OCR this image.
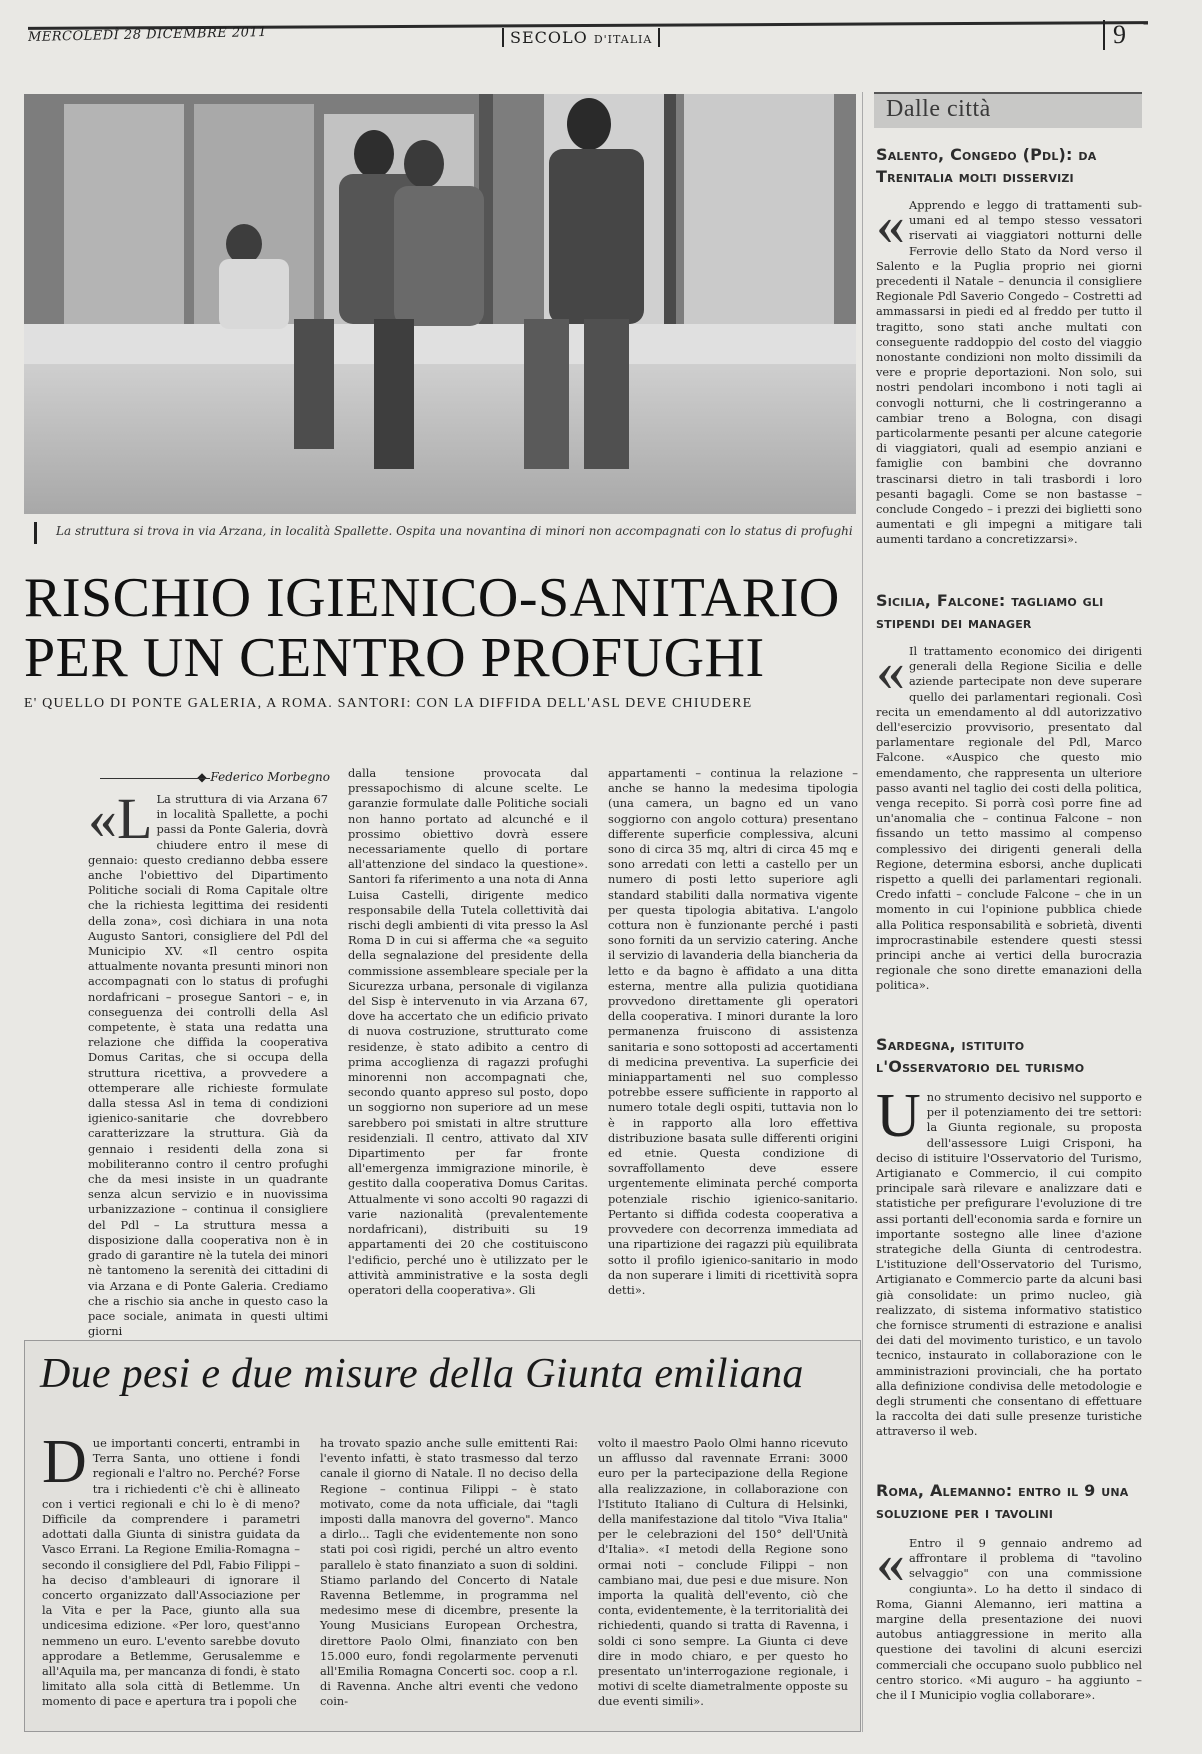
MERCOLEDÌ 28 DICEMBRE 2011	SECOLO D'ITALIA	9
La struttura si trova in via Arzana, in località Spallette. Ospita una novantina di minori non accompagnati con lo status di profughi
RISCHIO IGIENICO-SANITARIO
PER UN CENTRO PROFUGHI
E' QUELLO DI PONTE GALERIA, A ROMA. SANTORI: CON LA DIFFIDA DELL'ASL DEVE CHIUDERE
◆ Federico Morbegno
«L La struttura di via Arzana 67 in località Spallette, a pochi passi da Ponte Galeria, dovrà chiudere entro il mese di gennaio: questo credianno debba essere anche l'obiettivo del Dipartimento Politiche sociali di Roma Capitale oltre che la richiesta legittima dei residenti della zona», così dichiara in una nota Augusto Santori, consigliere del Pdl del Municipio XV. «Il centro ospita attualmente novanta presunti minori non accompagnati con lo status di profughi nordafricani – prosegue Santori – e, in conseguenza dei controlli della Asl competente, è stata una redatta una relazione che diffida la cooperativa Domus Caritas, che si occupa della struttura ricettiva, a provvedere a ottemperare alle richieste formulate dalla stessa Asl in tema di condizioni igienico-sanitarie che dovrebbero caratterizzare la struttura. Già da gennaio i residenti della zona si mobiliteranno contro il centro profughi che da mesi insiste in un quadrante senza alcun servizio e in nuovissima urbanizzazione – continua il consigliere del Pdl – La struttura messa a disposizione dalla cooperativa non è in grado di garantire nè la tutela dei minori nè tantomeno la serenità dei cittadini di via Arzana e di Ponte Galeria. Crediamo che a rischio sia anche in questo caso la pace sociale, animata in questi ultimi giorni
dalla tensione provocata dal pressapochismo di alcune scelte. Le garanzie formulate dalle Politiche sociali non hanno portato ad alcunché e il prossimo obiettivo dovrà essere necessariamente quello di portare all'attenzione del sindaco la questione». Santori fa riferimento a una nota di Anna Luisa Castelli, dirigente medico responsabile della Tutela collettività dai rischi degli ambienti di vita presso la Asl Roma D in cui si afferma che «a seguito della segnalazione del presidente della commissione assembleare speciale per la Sicurezza urbana, personale di vigilanza del Sisp è intervenuto in via Arzana 67, dove ha accertato che un edificio privato di nuova costruzione, strutturato come residenze, è stato adibito a centro di prima accoglienza di ragazzi profughi minorenni non accompagnati che, secondo quanto appreso sul posto, dopo un soggiorno non superiore ad un mese sarebbero poi smistati in altre strutture residenziali. Il centro, attivato dal XIV Dipartimento per far fronte all'emergenza immigrazione minorile, è gestito dalla cooperativa Domus Caritas. Attualmente vi sono accolti 90 ragazzi di varie nazionalità (prevalentemente nordafricani), distribuiti su 19 appartamenti dei 20 che costituiscono l'edificio, perché uno è utilizzato per le attività amministrative e la sosta degli operatori della cooperativa». Gli
appartamenti – continua la relazione – anche se hanno la medesima tipologia (una camera, un bagno ed un vano soggiorno con angolo cottura) presentano differente superficie complessiva, alcuni sono di circa 35 mq, altri di circa 45 mq e sono arredati con letti a castello per un numero di posti letto superiore agli standard stabiliti dalla normativa vigente per questa tipologia abitativa. L'angolo cottura non è funzionante perché i pasti sono forniti da un servizio catering. Anche il servizio di lavanderia della biancheria da letto e da bagno è affidato a una ditta esterna, mentre alla pulizia quotidiana provvedono direttamente gli operatori della cooperativa. I minori durante la loro permanenza fruiscono di assistenza sanitaria e sono sottoposti ad accertamenti di medicina preventiva. La superficie dei miniappartamenti nel suo complesso potrebbe essere sufficiente in rapporto al numero totale degli ospiti, tuttavia non lo è in rapporto alla loro effettiva distribuzione basata sulle differenti origini ed etnie. Questa condizione di sovraffollamento deve essere urgentemente eliminata perché comporta potenziale rischio igienico-sanitario. Pertanto si diffida codesta cooperativa a provvedere con decorrenza immediata ad una ripartizione dei ragazzi più equilibrata sotto il profilo igienico-sanitario in modo da non superare i limiti di ricettività sopra detti».
Due pesi e due misure della Giunta emiliana
Due importanti concerti, entrambi in Terra Santa, uno ottiene i fondi regionali e l'altro no. Perché? Forse tra i richiedenti c'è chi è allineato con i vertici regionali e chi lo è di meno? Difficile da comprendere i parametri adottati dalla Giunta di sinistra guidata da Vasco Errani. La Regione Emilia-Romagna – secondo il consigliere del Pdl, Fabio Filippi – ha deciso d'ambleauri di ignorare il concerto organizzato dall'Associazione per la Vita e per la Pace, giunto alla sua undicesima edizione. «Per loro, quest'anno nemmeno un euro. L'evento sarebbe dovuto approdare a Betlemme, Gerusalemme e all'Aquila ma, per mancanza di fondi, è stato limitato alla sola città di Betlemme. Un momento di pace e apertura tra i popoli che
ha trovato spazio anche sulle emittenti Rai: l'evento infatti, è stato trasmesso dal terzo canale il giorno di Natale. Il no deciso della Regione – continua Filippi – è stato motivato, come da nota ufficiale, dai "tagli imposti dalla manovra del governo". Manco a dirlo... Tagli che evidentemente non sono stati poi così rigidi, perché un altro evento parallelo è stato finanziato a suon di soldini. Stiamo parlando del Concerto di Natale Ravenna Betlemme, in programma nel medesimo mese di dicembre, presente la Young Musicians European Orchestra, direttore Paolo Olmi, finanziato con ben 15.000 euro, fondi regolarmente pervenuti all'Emilia Romagna Concerti soc. coop a r.l. di Ravenna. Anche altri eventi che vedono coin-
volto il maestro Paolo Olmi hanno ricevuto un afflusso dal ravennate Errani: 3000 euro per la partecipazione della Regione alla realizzazione, in collaborazione con l'Istituto Italiano di Cultura di Helsinki, della manifestazione dal titolo "Viva Italia" per le celebrazioni del 150° dell'Unità d'Italia». «I metodi della Regione sono ormai noti – conclude Filippi – non cambiano mai, due pesi e due misure. Non importa la qualità dell'evento, ciò che conta, evidentemente, è la territorialità dei richiedenti, quando si tratta di Ravenna, i soldi ci sono sempre. La Giunta ci deve dire in modo chiaro, e per questo ho presentato un'interrogazione regionale, i motivi di scelte diametralmente opposte su due eventi simili».
Dalle città
Salento, Congedo (Pdl): da Trenitalia molti disservizi
« Apprendo e leggo di trattamenti sub-umani ed al tempo stesso vessatori riservati ai viaggiatori notturni delle Ferrovie dello Stato da Nord verso il Salento e la Puglia proprio nei giorni precedenti il Natale – denuncia il consigliere Regionale Pdl Saverio Congedo – Costretti ad ammassarsi in piedi ed al freddo per tutto il tragitto, sono stati anche multati con conseguente raddoppio del costo del viaggio nonostante condizioni non molto dissimili da vere e proprie deportazioni. Non solo, sui nostri pendolari incombono i noti tagli ai convogli notturni, che li costringeranno a cambiar treno a Bologna, con disagi particolarmente pesanti per alcune categorie di viaggiatori, quali ad esempio anziani e famiglie con bambini che dovranno trascinarsi dietro in tali trasbordi i loro pesanti bagagli. Come se non bastasse – conclude Congedo – i prezzi dei biglietti sono aumentati e gli impegni a mitigare tali aumenti tardano a concretizzarsi».
Sicilia, Falcone: tagliamo gli stipendi dei manager
« Il trattamento economico dei dirigenti generali della Regione Sicilia e delle aziende partecipate non deve superare quello dei parlamentari regionali. Così recita un emendamento al ddl autorizzativo dell'esercizio provvisorio, presentato dal parlamentare regionale del Pdl, Marco Falcone. «Auspico che questo mio emendamento, che rappresenta un ulteriore passo avanti nel taglio dei costi della politica, venga recepito. Si porrà così porre fine ad un'anomalia che – continua Falcone – non fissando un tetto massimo al compenso complessivo dei dirigenti generali della Regione, determina esborsi, anche duplicati rispetto a quelli dei parlamentari regionali. Credo infatti – conclude Falcone – che in un momento in cui l'opinione pubblica chiede alla Politica responsabilità e sobrietà, diventi improcrastinabile estendere questi stessi principi anche ai vertici della burocrazia regionale che sono dirette emanazioni della politica».
Sardegna, istituito l'Osservatorio del turismo
Uno strumento decisivo nel supporto e per il potenziamento dei tre settori: la Giunta regionale, su proposta dell'assessore Luigi Crisponi, ha deciso di istituire l'Osservatorio del Turismo, Artigianato e Commercio, il cui compito principale sarà rilevare e analizzare dati e statistiche per prefigurare l'evoluzione di tre assi portanti dell'economia sarda e fornire un importante sostegno alle linee d'azione strategiche della Giunta di centrodestra. L'istituzione dell'Osservatorio del Turismo, Artigianato e Commercio parte da alcuni basi già consolidate: un primo nucleo, già realizzato, di sistema informativo statistico che fornisce strumenti di estrazione e analisi dei dati del movimento turistico, e un tavolo tecnico, instaurato in collaborazione con le amministrazioni provinciali, che ha portato alla definizione condivisa delle metodologie e degli strumenti che consentano di effettuare la raccolta dei dati sulle presenze turistiche attraverso il web.
Roma, Alemanno: entro il 9 una soluzione per i tavolini
« Entro il 9 gennaio andremo ad affrontare il problema di "tavolino selvaggio" con una commissione congiunta». Lo ha detto il sindaco di Roma, Gianni Alemanno, ieri mattina a margine della presentazione dei nuovi autobus antiaggressione in merito alla questione dei tavolini di alcuni esercizi commerciali che occupano suolo pubblico nel centro storico. «Mi auguro – ha aggiunto – che il I Municipio voglia collaborare».
